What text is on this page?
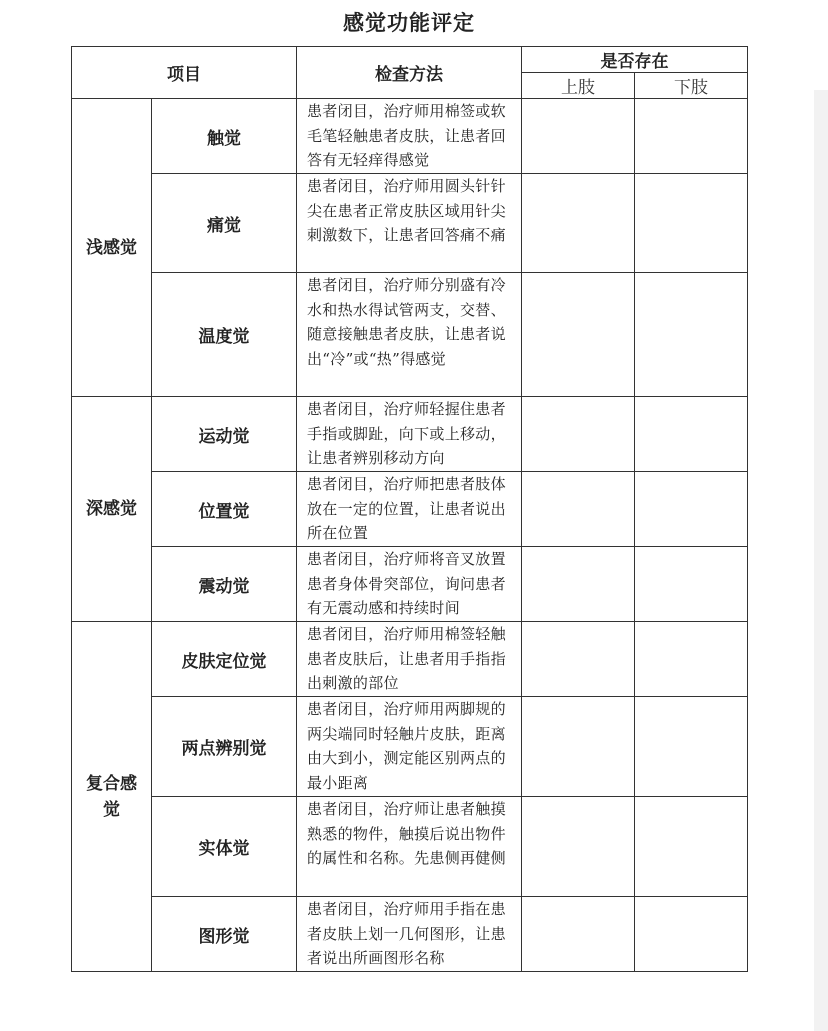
感觉功能评定
项目		检查方法	是否存在	
			上肢	下肢
浅感觉	触觉	患者闭目，治疗师用棉签或软毛笔轻触患者皮肤，让患者回答有无轻痒得感觉		
	痛觉	患者闭目，治疗师用圆头针针尖在患者正常皮肤区域用针尖刺激数下，让患者回答痛不痛		
	温度觉	患者闭目，治疗师分别盛有冷水和热水得试管两支，交替、随意接触患者皮肤，让患者说出“冷”或“热”得感觉		
深感觉	运动觉	患者闭目，治疗师轻握住患者手指或脚趾，向下或上移动，让患者辨别移动方向		
	位置觉	患者闭目，治疗师把患者肢体放在一定的位置，让患者说出所在位置		
	震动觉	患者闭目，治疗师将音叉放置患者身体骨突部位，询问患者有无震动感和持续时间		
复合感觉	皮肤定位觉	患者闭目，治疗师用棉签轻触患者皮肤后，让患者用手指指出刺激的部位		
	两点辨别觉	患者闭目，治疗师用两脚规的两尖端同时轻触片皮肤，距离由大到小，测定能区别两点的最小距离		
	实体觉	患者闭目，治疗师让患者触摸熟悉的物件，触摸后说出物件的属性和名称。先患侧再健侧		
	图形觉	患者闭目，治疗师用手指在患者皮肤上划一几何图形，让患者说出所画图形名称		
